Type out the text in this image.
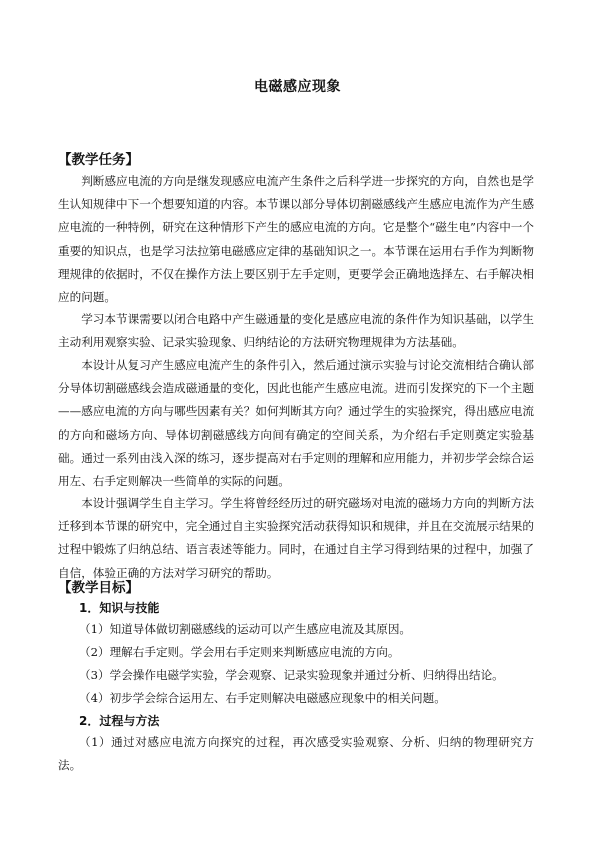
电磁感应现象
【教学任务】

判断感应电流的方向是继发现感应电流产生条件之后科学进一步探究的方向，自然也是学生认知规律中下一个想要知道的内容。本节课以部分导体切割磁感线产生感应电流作为产生感应电流的一种特例，研究在这种情形下产生的感应电流的方向。它是整个“磁生电”内容中一个重要的知识点，也是学习法拉第电磁感应定律的基础知识之一。本节课在运用右手作为判断物理规律的依据时，不仅在操作方法上要区别于左手定则，更要学会正确地选择左、右手解决相应的问题。

学习本节课需要以闭合电路中产生磁通量的变化是感应电流的条件作为知识基础，以学生主动利用观察实验、记录实验现象、归纳结论的方法研究物理规律为方法基础。

本设计从复习产生感应电流产生的条件引入，然后通过演示实验与讨论交流相结合确认部分导体切割磁感线会造成磁通量的变化，因此也能产生感应电流。进而引发探究的下一个主题——感应电流的方向与哪些因素有关？如何判断其方向？通过学生的实验探究，得出感应电流的方向和磁场方向、导体切割磁感线方向间有确定的空间关系，为介绍右手定则奠定实验基础。通过一系列由浅入深的练习，逐步提高对右手定则的理解和应用能力，并初步学会综合运用左、右手定则解决一些简单的实际的问题。

本设计强调学生自主学习。学生将曾经经历过的研究磁场对电流的磁场力方向的判断方法迁移到本节课的研究中，完全通过自主实验探究活动获得知识和规律，并且在交流展示结果的过程中锻炼了归纳总结、语言表述等能力。同时，在通过自主学习得到结果的过程中，加强了自信，体验正确的方法对学习研究的帮助。

【教学目标】
1．知识与技能
（1）知道导体做切割磁感线的运动可以产生感应电流及其原因。
（2）理解右手定则。学会用右手定则来判断感应电流的方向。
（3）学会操作电磁学实验，学会观察、记录实验现象并通过分析、归纳得出结论。
（4）初步学会综合运用左、右手定则解决电磁感应现象中的相关问题。
2．过程与方法

（1）通过对感应电流方向探究的过程，再次感受实验观察、分析、归纳的物理研究方法。
